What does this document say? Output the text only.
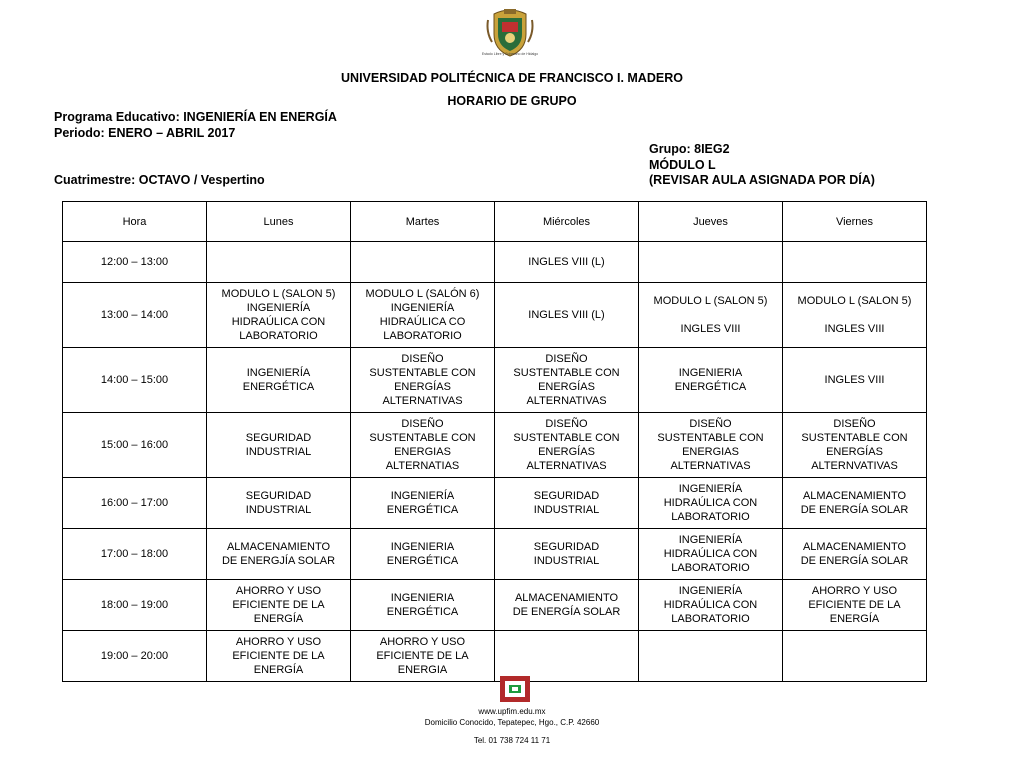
Estado Libre y Soberano de Hidalgo
UNIVERSIDAD POLITÉCNICA DE FRANCISCO I. MADERO
HORARIO DE GRUPO
Programa Educativo: INGENIERÍA EN ENERGÍA
Periodo: ENERO – ABRIL 2017
Grupo: 8IEG2
MÓDULO L
Cuatrimestre: OCTAVO / Vespertino	(REVISAR AULA ASIGNADA POR DÍA)
Hora	Lunes	Martes	Miércoles	Jueves	Viernes
12:00 – 13:00			INGLES VIII (L)		
13:00 – 14:00	MODULO L (SALON 5)
INGENIERÍA
HIDRAÚLICA CON
LABORATORIO	MODULO L (SALÓN 6)
INGENIERÍA
HIDRAÚLICA CO
LABORATORIO	INGLES VIII (L)	MODULO L (SALON 5)

INGLES VIII	MODULO L (SALON 5)

INGLES VIII
14:00 – 15:00	INGENIERÍA
ENERGÉTICA	DISEÑO
SUSTENTABLE CON
ENERGÍAS
ALTERNATIVAS	DISEÑO
SUSTENTABLE CON
ENERGÍAS
ALTERNATIVAS	INGENIERIA
ENERGÉTICA	INGLES VIII
15:00 – 16:00	SEGURIDAD
INDUSTRIAL	DISEÑO
SUSTENTABLE CON
ENERGIAS
ALTERNATIAS	DISEÑO
SUSTENTABLE CON
ENERGÍAS
ALTERNATIVAS	DISEÑO
SUSTENTABLE CON
ENERGIAS
ALTERNATIVAS	DISEÑO
SUSTENTABLE CON
ENERGÍAS
ALTERNVATIVAS
16:00 – 17:00	SEGURIDAD
INDUSTRIAL	INGENIERÍA
ENERGÉTICA	SEGURIDAD
INDUSTRIAL	INGENIERÍA
HIDRAÚLICA CON
LABORATORIO	ALMACENAMIENTO
DE ENERGÍA SOLAR
17:00 – 18:00	ALMACENAMIENTO
DE ENERGJÍA SOLAR	INGENIERIA
ENERGÉTICA	SEGURIDAD
INDUSTRIAL	INGENIERÍA
HIDRAÚLICA CON
LABORATORIO	ALMACENAMIENTO
DE ENERGÍA SOLAR
18:00 – 19:00	AHORRO Y USO
EFICIENTE DE LA
ENERGÍA	INGENIERIA
ENERGÉTICA	ALMACENAMIENTO
DE ENERGÍA SOLAR	INGENIERÍA
HIDRAÚLICA CON
LABORATORIO	AHORRO Y USO
EFICIENTE DE LA
ENERGÍA
19:00 – 20:00	AHORRO Y USO
EFICIENTE DE LA
ENERGÍA	AHORRO Y USO
EFICIENTE DE LA
ENERGIA			
www.upfim.edu.mx
Domicilio Conocido, Tepatepec, Hgo., C.P. 42660
Tel. 01 738 724 11 71
